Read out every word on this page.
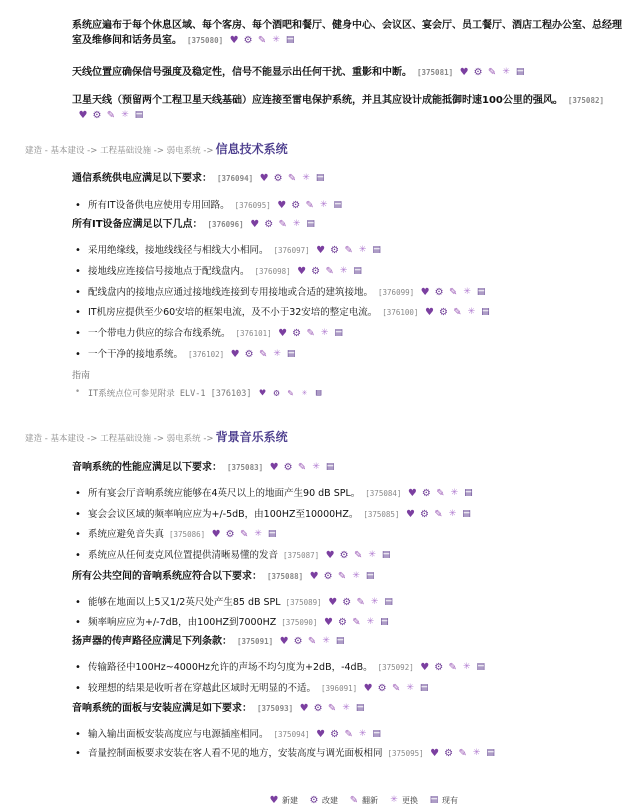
系统应遍布于每个休息区域、每个客房、每个酒吧和餐厅、健身中心、会议区、宴会厅、员工餐厅、酒店工程办公室、总经理室及维修间和话务员室。 [375080] ♥ ⚙ ✎ ✳ ▤
天线位置应确保信号强度及稳定性，信号不能显示出任何干扰、重影和中断。 [375081] ♥ ⚙ ✎ ✳ ▤
卫星天线（预留两个工程卫星天线基础）应连接至雷电保护系统，并且其应设计成能抵御时速100公里的强风。 [375082]
♥ ⚙ ✎ ✳ ▤
建造 - 基本建设 -> 工程基础设施 -> 弱电系统 -> 信息技术系统
通信系统供电应满足以下要求： [376094] ♥ ⚙ ✎ ✳ ▤
• 所有IT设备供电应使用专用回路。 [376095] ♥ ⚙ ✎ ✳ ▤
所有IT设备应满足以下几点： [376096] ♥ ⚙ ✎ ✳ ▤
• 采用绝缘线，接地线线径与相线大小相同。 [376097] ♥ ⚙ ✎ ✳ ▤
• 接地线应连接信号接地点于配线盘内。 [376098] ♥ ⚙ ✎ ✳ ▤
• 配线盘内的接地点应通过接地线连接到专用接地或合适的建筑接地。 [376099] ♥ ⚙ ✎ ✳ ▤
• IT机房应提供至少60安培的框架电流，及不小于32安培的整定电流。 [376100] ♥ ⚙ ✎ ✳ ▤
• 一个带电力供应的综合布线系统。 [376101] ♥ ⚙ ✎ ✳ ▤
• 一个干净的接地系统。 [376102] ♥ ⚙ ✎ ✳ ▤
指南
• IT系统点位可参见附录 ELV-1 [376103] ♥ ⚙ ✎ ✳ ▤
建造 - 基本建设 -> 工程基础设施 -> 弱电系统 -> 背景音乐系统
音响系统的性能应满足以下要求： [375083] ♥ ⚙ ✎ ✳ ▤
• 所有宴会厅音响系统应能够在4英尺以上的地面产生90 dB SPL。 [375084] ♥ ⚙ ✎ ✳ ▤
• 宴会会议区域的频率响应应为+/-5dB，由100HZ至10000HZ。 [375085] ♥ ⚙ ✎ ✳ ▤
• 系统应避免音失真 [375086] ♥ ⚙ ✎ ✳ ▤
• 系统应从任何麦克风位置提供清晰易懂的发音 [375087] ♥ ⚙ ✎ ✳ ▤
所有公共空间的音响系统应符合以下要求： [375088] ♥ ⚙ ✎ ✳ ▤
• 能够在地面以上5又1/2英尺处产生85 dB SPL [375089] ♥ ⚙ ✎ ✳ ▤
• 频率响应应为+/-7dB，由100HZ到7000HZ [375090] ♥ ⚙ ✎ ✳ ▤
扬声器的传声路径应满足下列条款： [375091] ♥ ⚙ ✎ ✳ ▤
• 传输路径中100Hz~4000Hz允许的声场不均匀度为+2dB，-4dB。 [375092] ♥ ⚙ ✎ ✳ ▤
• 较理想的结果是收听者在穿越此区域时无明显的不适。 [396091] ♥ ⚙ ✎ ✳ ▤
音响系统的面板与安装应满足如下要求： [375093] ♥ ⚙ ✎ ✳ ▤
• 输入输出面板安装高度应与电源插座相同。 [375094] ♥ ⚙ ✎ ✳ ▤
• 音量控制面板要求安装在客人看不见的地方，安装高度与调光面板相同 [375095] ♥ ⚙ ✎ ✳ ▤
♥ 新建 ⚙ 改建 ✎ 翻新 ✳ 更换 ▤ 现有
